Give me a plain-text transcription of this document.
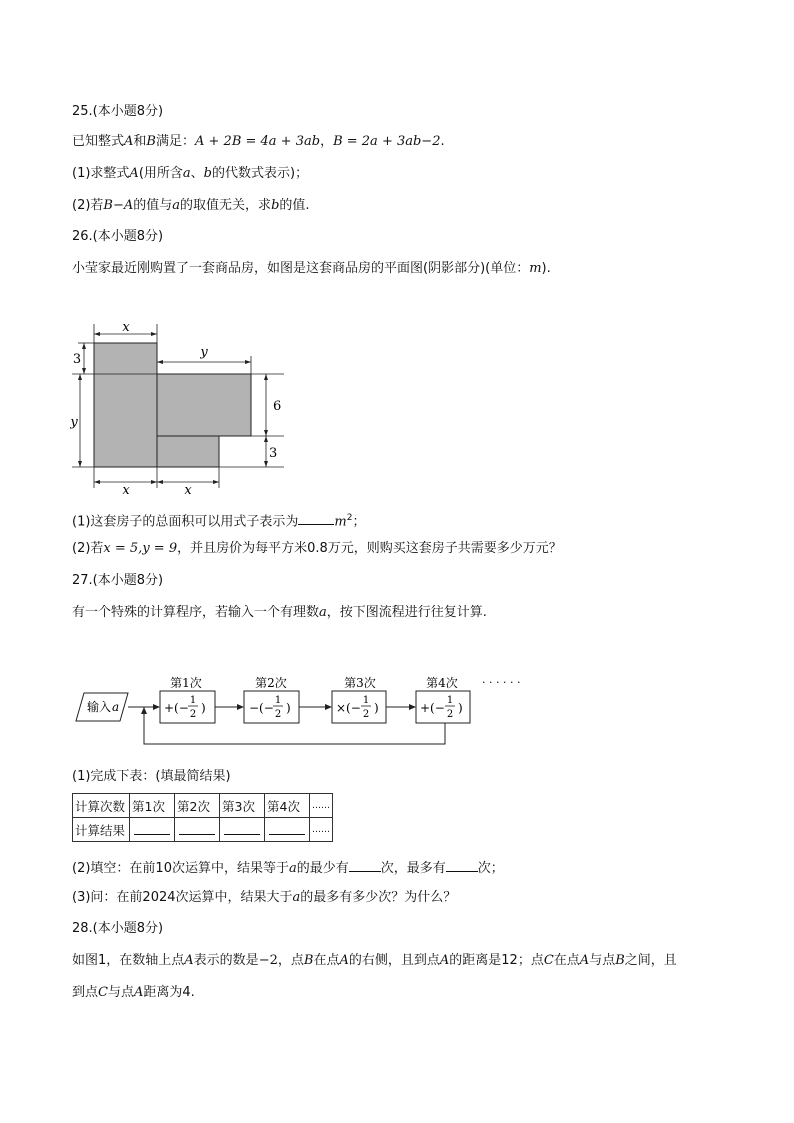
25.(本小题8分)
已知整式A和B满足：A + 2B = 4a + 3ab，B = 2a + 3ab−2.
(1)求整式A(用所含a、b的代数式表示)；
(2)若B−A的值与a的取值无关，求b的值.
26.(本小题8分)
小莹家最近刚购置了一套商品房，如图是这套商品房的平面图(阴影部分)(单位：m).
x
y
3
y
6
3
x	x
(1)这套房子的总面积可以用式子表示为	$m^2$；
(2)若x = 5,y = 9，并且房价为每平方米0.8万元，则购买这套房子共需要多少万元？
27.(本小题8分)
有一个特殊的计算程序，若输入一个有理数a，按下图流程进行往复计算.
输入 a
第1次
+(−
1
2 )
第2次
−(−
1
2 )
第3次
×(−
1
2 )
第4次
+(−
1
2 )
· · · · · ·
(1)完成下表：(填最简结果)
计算次数	第1次	第2次	第3次	第4次	……
计算结果					……
(2)填空：在前10次运算中，结果等于a的最少有 次，最多有 次；
(3)问：在前2024次运算中，结果大于a的最多有多少次？为什么？
28.(本小题8分)
如图1，在数轴上点A表示的数是−2，点B在点A的右侧，且到点A的距离是12；点C在点A与点B之间，且
到点C与点A距离为4.
